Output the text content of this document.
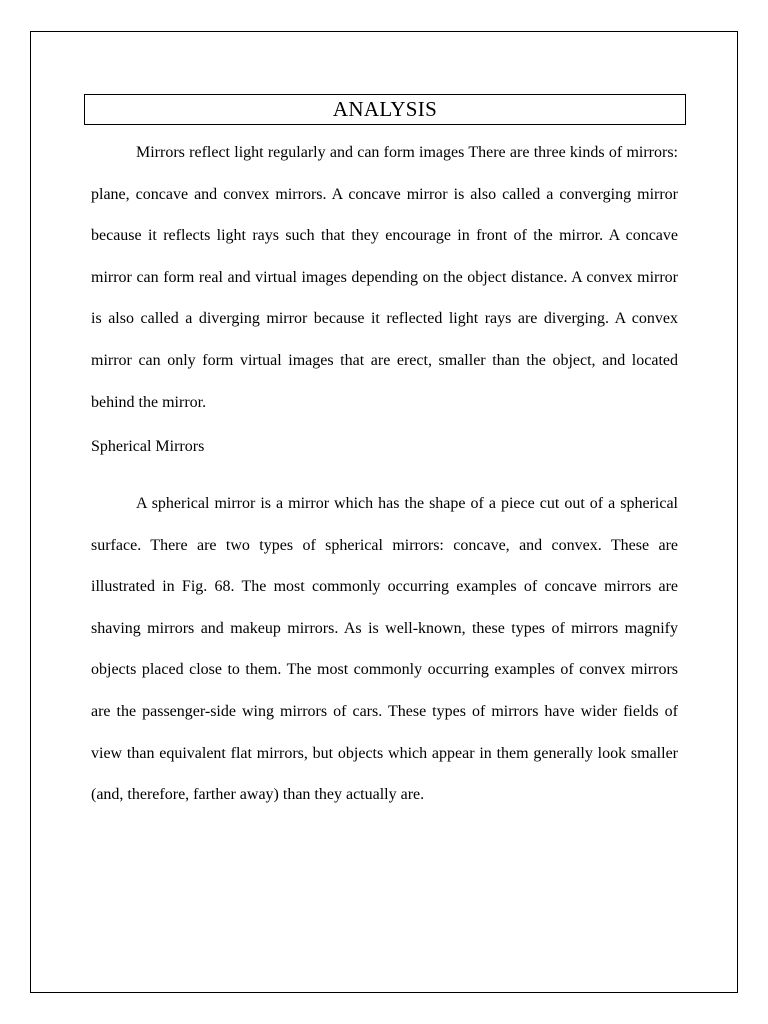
ANALYSIS

Mirrors reflect light regularly and can form images There are three kinds of mirrors: plane, concave and convex mirrors. A concave mirror is also called a converging mirror because it reflects light rays such that they encourage in front of the mirror. A concave mirror can form real and virtual images depending on the object distance. A convex mirror is also called a diverging mirror because it reflected light rays are diverging. A convex mirror can only form virtual images that are erect, smaller than the object, and located behind the mirror.

Spherical Mirrors

A spherical mirror is a mirror which has the shape of a piece cut out of a spherical surface. There are two types of spherical mirrors: concave, and convex. These are illustrated in Fig. 68. The most commonly occurring examples of concave mirrors are shaving mirrors and makeup mirrors. As is well-known, these types of mirrors magnify objects placed close to them. The most commonly occurring examples of convex mirrors are the passenger-side wing mirrors of cars. These types of mirrors have wider fields of view than equivalent flat mirrors, but objects which appear in them generally look smaller (and, therefore, farther away) than they actually are.
